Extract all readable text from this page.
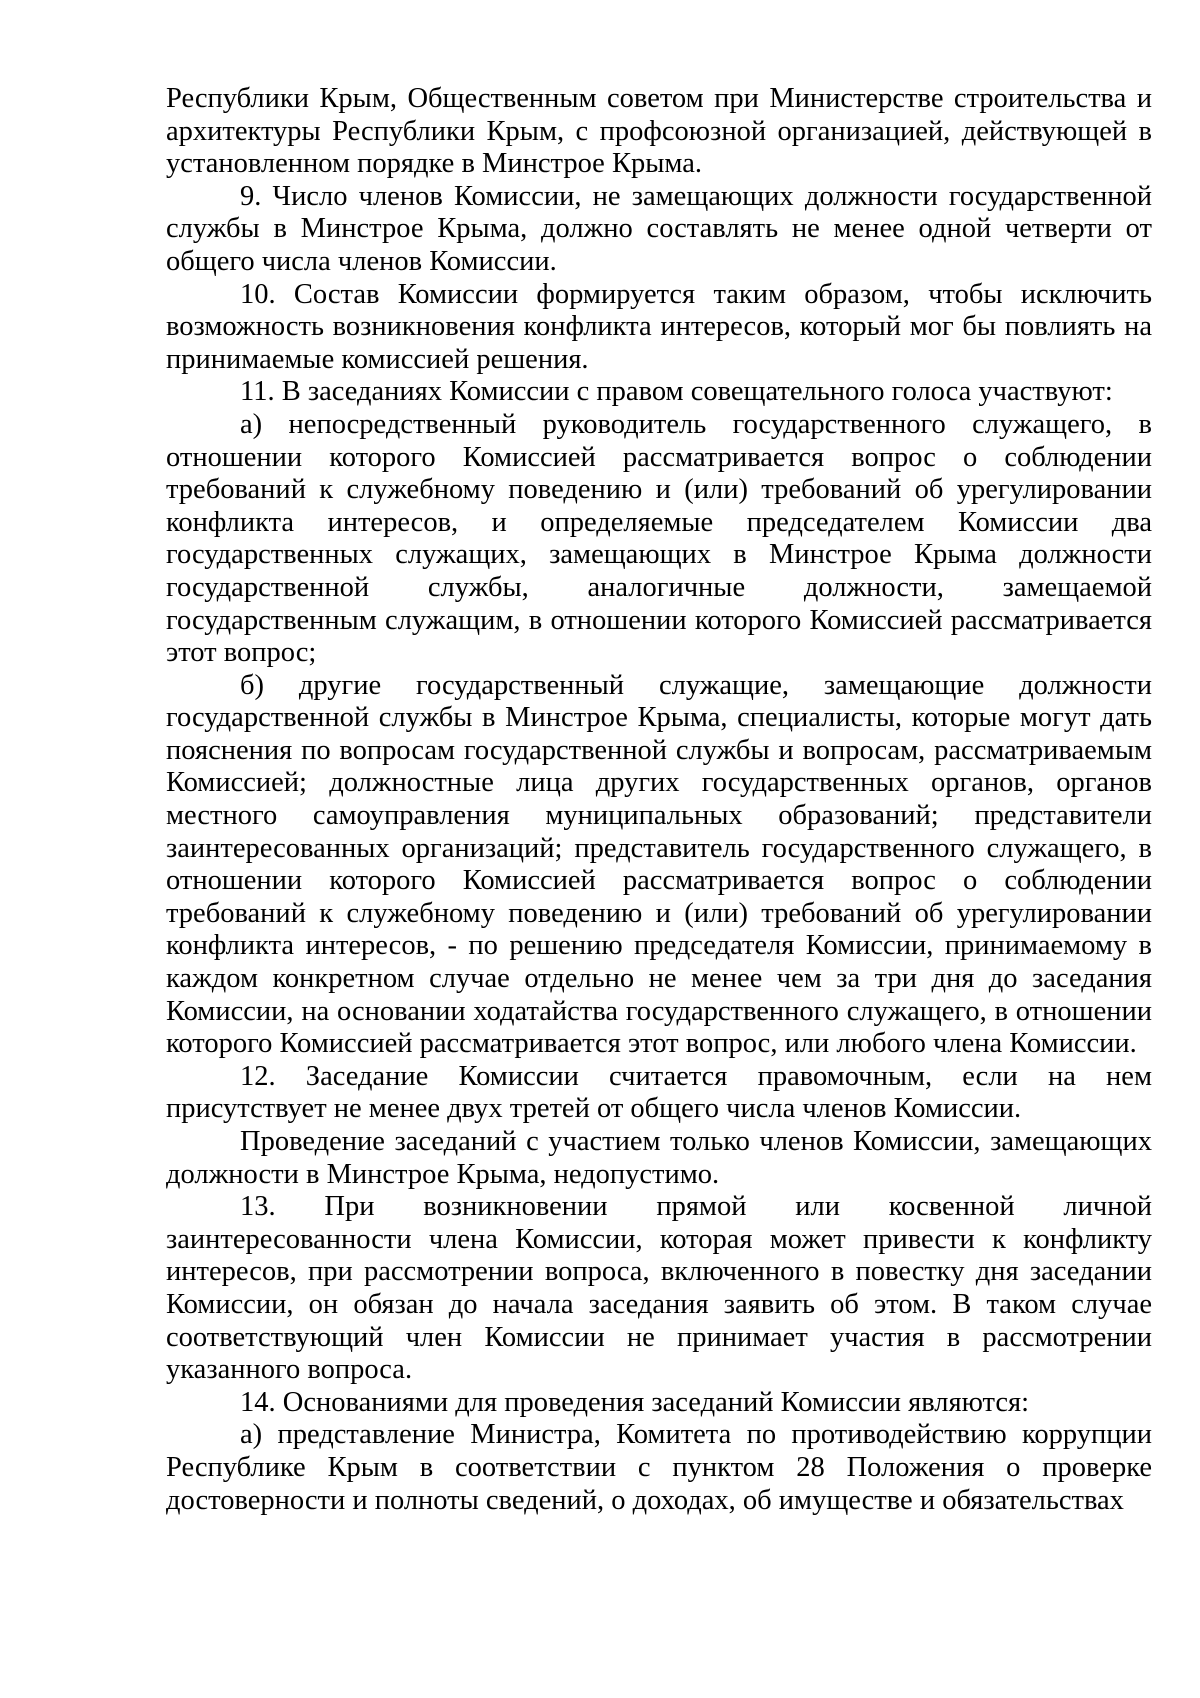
Республики Крым, Общественным советом при Министерстве строительства и архитектуры Республики Крым, с профсоюзной организацией, действующей в установленном порядке в Минстрое Крыма.

9. Число членов Комиссии, не замещающих должности государственной службы в Минстрое Крыма, должно составлять не менее одной четверти от общего числа членов Комиссии.

10. Состав Комиссии формируется таким образом, чтобы исключить возможность возникновения конфликта интересов, который мог бы повлиять на принимаемые комиссией решения.

11. В заседаниях Комиссии с правом совещательного голоса участвуют:

а) непосредственный руководитель государственного служащего, в отношении которого Комиссией рассматривается вопрос о соблюдении требований к служебному поведению и (или) требований об урегулировании конфликта интересов, и определяемые председателем Комиссии два государственных служащих, замещающих в Минстрое Крыма должности государственной службы, аналогичные должности, замещаемой государственным служащим, в отношении которого Комиссией рассматривается этот вопрос;

б) другие государственный служащие, замещающие должности государственной службы в Минстрое Крыма, специалисты, которые могут дать пояснения по вопросам государственной службы и вопросам, рассматриваемым Комиссией; должностные лица других государственных органов, органов местного самоуправления муниципальных образований; представители заинтересованных организаций; представитель государственного служащего, в отношении которого Комиссией рассматривается вопрос о соблюдении требований к служебному поведению и (или) требований об урегулировании конфликта интересов, - по решению председателя Комиссии, принимаемому в каждом конкретном случае отдельно не менее чем за три дня до заседания Комиссии, на основании ходатайства государственного служащего, в отношении которого Комиссией рассматривается этот вопрос, или любого члена Комиссии.

12. Заседание Комиссии считается правомочным, если на нем присутствует не менее двух третей от общего числа членов Комиссии.

Проведение заседаний с участием только членов Комиссии, замещающих должности в Минстрое Крыма, недопустимо.

13. При возникновении прямой или косвенной личной заинтересованности члена Комиссии, которая может привести к конфликту интересов, при рассмотрении вопроса, включенного в повестку дня заседании Комиссии, он обязан до начала заседания заявить об этом. В таком случае соответствующий член Комиссии не принимает участия в рассмотрении указанного вопроса.

14. Основаниями для проведения заседаний Комиссии являются:

а) представление Министра, Комитета по противодействию коррупции Республике Крым в соответствии с пунктом 28 Положения о проверке достоверности и полноты сведений, о доходах, об имуществе и обязательствах
